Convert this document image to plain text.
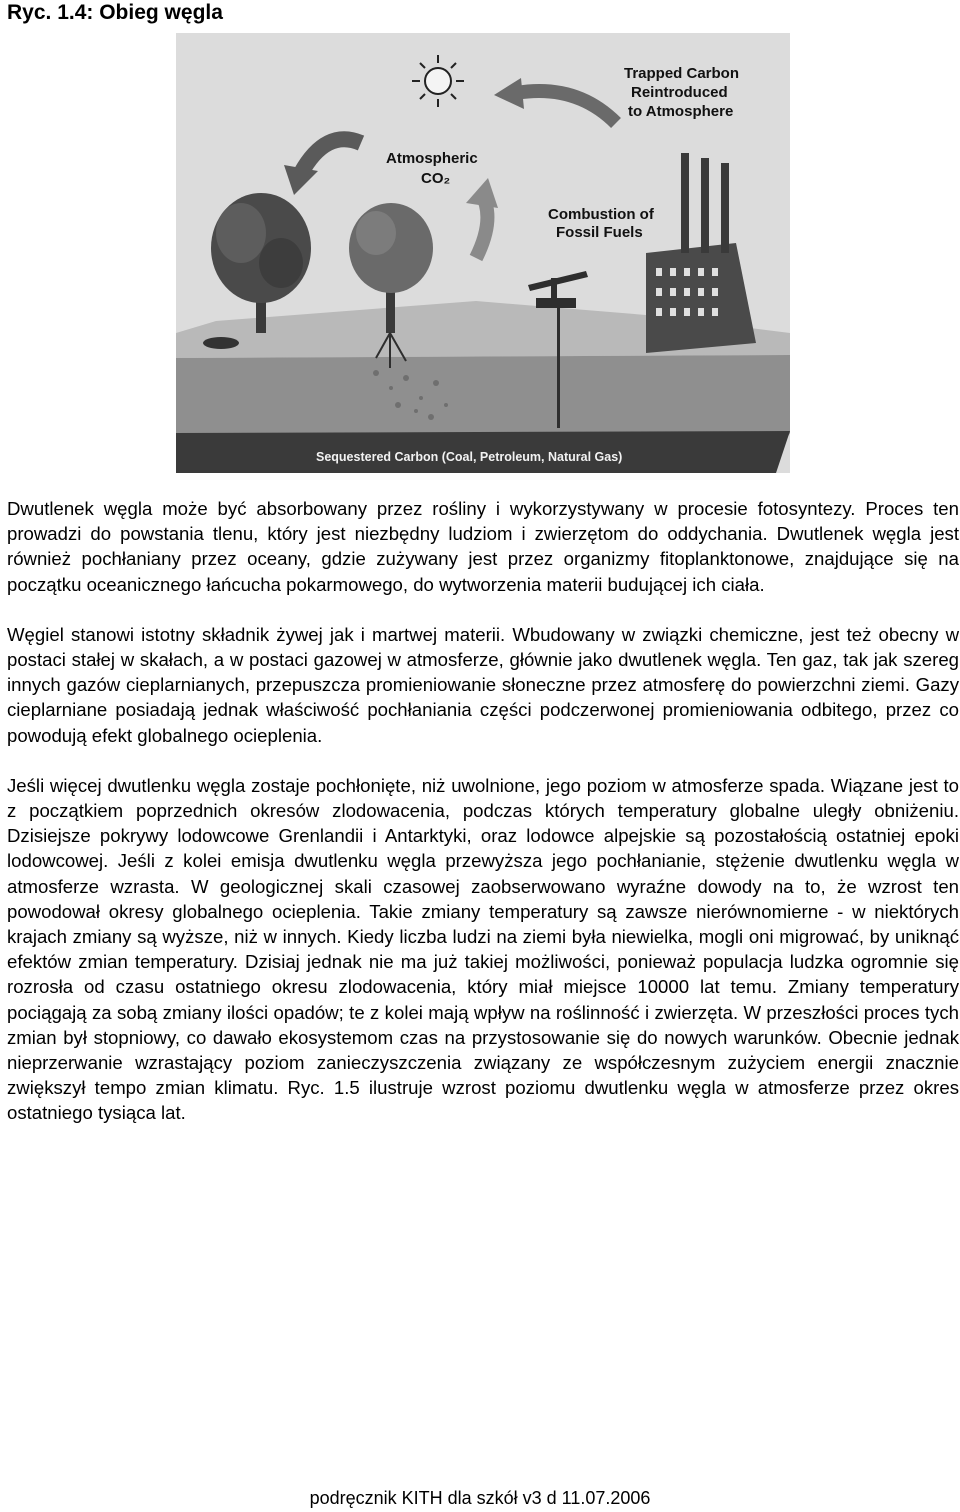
Ryc. 1.4: Obieg węgla
Trapped Carbon
Reintroduced
to Atmosphere
Atmospheric
CO₂
Combustion of
Fossil Fuels
Sequestered Carbon (Coal, Petroleum, Natural Gas)

Dwutlenek węgla może być absorbowany przez rośliny i wykorzystywany w procesie fotosyntezy. Proces ten prowadzi do powstania tlenu, który jest niezbędny ludziom i zwierzętom do oddychania. Dwutlenek węgla jest również pochłaniany przez oceany, gdzie zużywany jest przez organizmy fitoplanktonowe, znajdujące się na początku oceanicznego łańcucha pokarmowego, do wytworzenia materii budującej ich ciała.

Węgiel stanowi istotny składnik żywej jak i martwej materii. Wbudowany w związki chemiczne, jest też obecny w postaci stałej w skałach, a w postaci gazowej w atmosferze, głównie jako dwutlenek węgla. Ten gaz, tak jak szereg innych gazów cieplarnianych, przepuszcza promieniowanie słoneczne przez atmosferę do powierzchni ziemi. Gazy cieplarniane posiadają jednak właściwość pochłaniania części podczerwonej promieniowania odbitego, przez co powodują efekt globalnego ocieplenia.

Jeśli więcej dwutlenku węgla zostaje pochłonięte, niż uwolnione, jego poziom w atmosferze spada. Wiązane jest to z początkiem poprzednich okresów zlodowacenia, podczas których temperatury globalne uległy obniżeniu. Dzisiejsze pokrywy lodowcowe Grenlandii i Antarktyki, oraz lodowce alpejskie są pozostałością ostatniej epoki lodowcowej. Jeśli z kolei emisja dwutlenku węgla przewyższa jego pochłanianie, stężenie dwutlenku węgla w atmosferze wzrasta. W geologicznej skali czasowej zaobserwowano wyraźne dowody na to, że wzrost ten powodował okresy globalnego ocieplenia. Takie zmiany temperatury są zawsze nierównomierne - w niektórych krajach zmiany są wyższe, niż w innych. Kiedy liczba ludzi na ziemi była niewielka, mogli oni migrować, by uniknąć efektów zmian temperatury. Dzisiaj jednak nie ma już takiej możliwości, ponieważ populacja ludzka ogromnie się rozrosła od czasu ostatniego okresu zlodowacenia, który miał miejsce 10000 lat temu. Zmiany temperatury pociągają za sobą zmiany ilości opadów; te z kolei mają wpływ na roślinność i zwierzęta. W przeszłości proces tych zmian był stopniowy, co dawało ekosystemom czas na przystosowanie się do nowych warunków. Obecnie jednak nieprzerwanie wzrastający poziom zanieczyszczenia związany ze współczesnym zużyciem energii znacznie zwiększył tempo zmian klimatu. Ryc. 1.5 ilustruje wzrost poziomu dwutlenku węgla w atmosferze przez okres ostatniego tysiąca lat.

podręcznik KITH dla szkół v3 d 11.07.2006
